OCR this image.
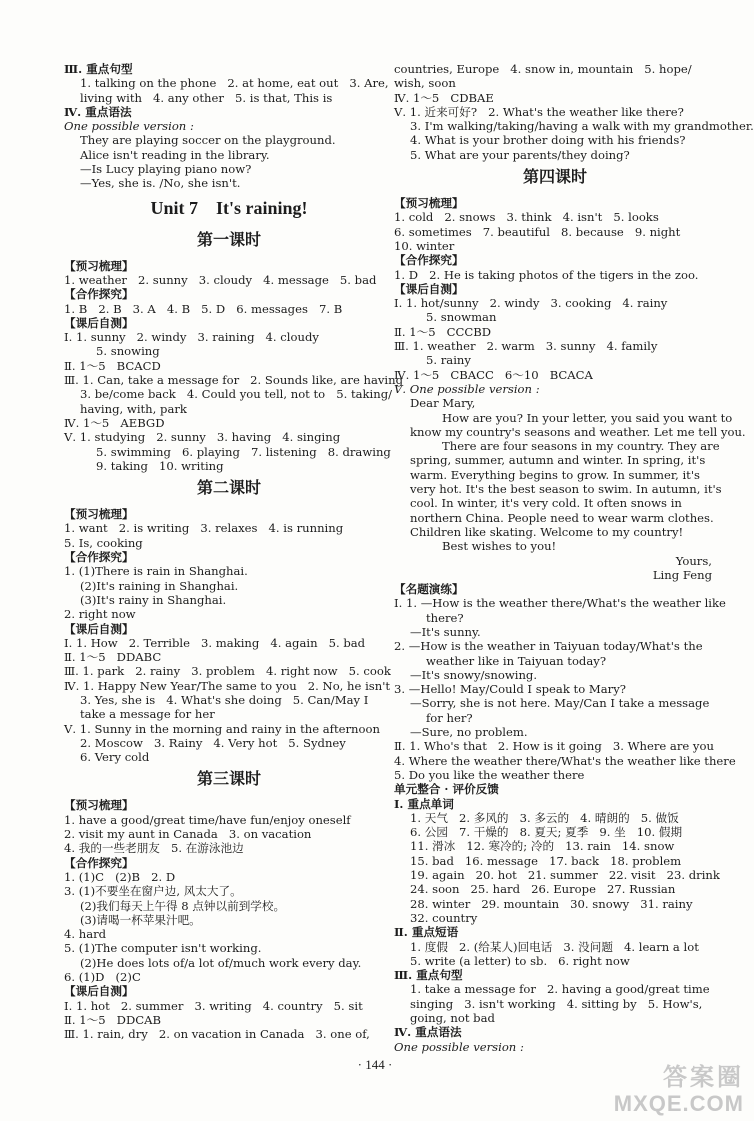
Ⅲ. 重点句型
1. talking on the phone   2. at home, eat out   3. Are,
living with   4. any other   5. is that, This is
Ⅳ. 重点语法
One possible version :
They are playing soccer on the playground.
Alice isn't reading in the library.
—Is Lucy playing piano now?
—Yes, she is. /No, she isn't.
Unit 7    It's raining!
第一课时
【预习梳理】
1. weather   2. sunny   3. cloudy   4. message   5. bad
【合作探究】
1. B   2. B   3. A   4. B   5. D   6. messages   7. B
【课后自测】
Ⅰ. 1. sunny   2. windy   3. raining   4. cloudy
5. snowing
Ⅱ. 1～5   BCACD
Ⅲ. 1. Can, take a message for   2. Sounds like, are having
3. be/come back   4. Could you tell, not to   5. taking/
having, with, park
Ⅳ. 1～5   AEBGD
Ⅴ. 1. studying   2. sunny   3. having   4. singing
5. swimming   6. playing   7. listening   8. drawing
9. taking   10. writing
第二课时
【预习梳理】
1. want   2. is writing   3. relaxes   4. is running
5. Is, cooking
【合作探究】
1. (1)There is rain in Shanghai.
(2)It's raining in Shanghai.
(3)It's rainy in Shanghai.
2. right now
【课后自测】
Ⅰ. 1. How   2. Terrible   3. making   4. again   5. bad
Ⅱ. 1～5   DDABC
Ⅲ. 1. park   2. rainy   3. problem   4. right now   5. cook
Ⅳ. 1. Happy New Year/The same to you   2. No, he isn't
3. Yes, she is   4. What's she doing   5. Can/May I
take a message for her
Ⅴ. 1. Sunny in the morning and rainy in the afternoon
2. Moscow   3. Rainy   4. Very hot   5. Sydney
6. Very cold
第三课时
【预习梳理】
1. have a good/great time/have fun/enjoy oneself
2. visit my aunt in Canada   3. on vacation
4. 我的一些老朋友   5. 在游泳池边
【合作探究】
1. (1)C   (2)B   2. D
3. (1)不要坐在窗户边, 风太大了。
(2)我们每天上午得 8 点钟以前到学校。
(3)请喝一杯苹果汁吧。
4. hard
5. (1)The computer isn't working.
(2)He does lots of/a lot of/much work every day.
6. (1)D   (2)C
【课后自测】
Ⅰ. 1. hot   2. summer   3. writing   4. country   5. sit
Ⅱ. 1～5   DDCAB
Ⅲ. 1. rain, dry   2. on vacation in Canada   3. one of,
countries, Europe   4. snow in, mountain   5. hope/
wish, soon
Ⅳ. 1～5   CDBAE
Ⅴ. 1. 近来可好?   2. What's the weather like there?
3. I'm walking/taking/having a walk with my grandmother.
4. What is your brother doing with his friends?
5. What are your parents/they doing?
第四课时
【预习梳理】
1. cold   2. snows   3. think   4. isn't   5. looks
6. sometimes   7. beautiful   8. because   9. night
10. winter
【合作探究】
1. D   2. He is taking photos of the tigers in the zoo.
【课后自测】
Ⅰ. 1. hot/sunny   2. windy   3. cooking   4. rainy
5. snowman
Ⅱ. 1～5   CCCBD
Ⅲ. 1. weather   2. warm   3. sunny   4. family
5. rainy
Ⅳ. 1～5   CBACC   6～10   BCACA
Ⅴ. One possible version :
Dear Mary,
How are you? In your letter, you said you want to
know my country's seasons and weather. Let me tell you.
There are four seasons in my country. They are
spring, summer, autumn and winter. In spring, it's
warm. Everything begins to grow. In summer, it's
very hot. It's the best season to swim. In autumn, it's
cool. In winter, it's very cold. It often snows in
northern China. People need to wear warm clothes.
Children like skating. Welcome to my country!
Best wishes to you!
Yours,
Ling Feng
【名题演练】
Ⅰ. 1. —How is the weather there/What's the weather like
there?
—It's sunny.
2. —How is the weather in Taiyuan today/What's the
weather like in Taiyuan today?
—It's snowy/snowing.
3. —Hello! May/Could I speak to Mary?
—Sorry, she is not here. May/Can I take a message
for her?
—Sure, no problem.
Ⅱ. 1. Who's that   2. How is it going   3. Where are you
4. Where the weather there/What's the weather like there
5. Do you like the weather there
单元整合 · 评价反馈
Ⅰ. 重点单词
1. 天气   2. 多风的   3. 多云的   4. 晴朗的   5. 做饭
6. 公园   7. 干燥的   8. 夏天; 夏季   9. 坐   10. 假期
11. 滑冰   12. 寒冷的; 冷的   13. rain   14. snow
15. bad   16. message   17. back   18. problem
19. again   20. hot   21. summer   22. visit   23. drink
24. soon   25. hard   26. Europe   27. Russian
28. winter   29. mountain   30. snowy   31. rainy
32. country
Ⅱ. 重点短语
1. 度假   2. (给某人)回电话   3. 没问题   4. learn a lot
5. write (a letter) to sb.   6. right now
Ⅲ. 重点句型
1. take a message for   2. having a good/great time
singing   3. isn't working   4. sitting by   5. How's,
going, not bad
Ⅳ. 重点语法
One possible version :
· 144 ·	答案圈
MXQE.COM
